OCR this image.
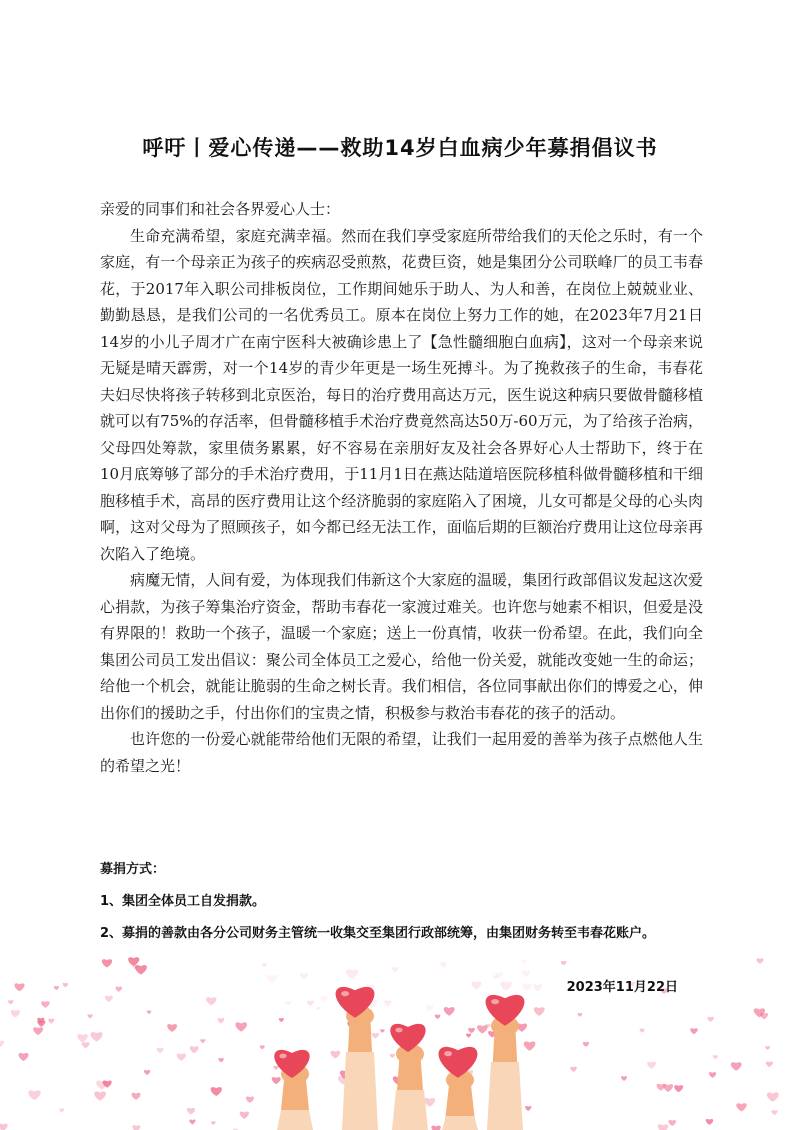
呼吁丨爱心传递——救助14岁白血病少年募捐倡议书

亲爱的同事们和社会各界爱心人士：

生命充满希望，家庭充满幸福。然而在我们享受家庭所带给我们的天伦之乐时，有一个家庭，有一个母亲正为孩子的疾病忍受煎熬，花费巨资，她是集团分公司联峰厂的员工韦春花，于2017年入职公司排板岗位，工作期间她乐于助人、为人和善，在岗位上兢兢业业、勤勤恳恳，是我们公司的一名优秀员工。原本在岗位上努力工作的她，在2023年7月21日14岁的小儿子周才广在南宁医科大被确诊患上了【急性髓细胞白血病】，这对一个母亲来说无疑是晴天霹雳，对一个14岁的青少年更是一场生死搏斗。为了挽救孩子的生命，韦春花夫妇尽快将孩子转移到北京医治，每日的治疗费用高达万元，医生说这种病只要做骨髓移植就可以有75%的存活率，但骨髓移植手术治疗费竟然高达50万-60万元，为了给孩子治病，父母四处筹款，家里债务累累，好不容易在亲朋好友及社会各界好心人士帮助下，终于在10月底筹够了部分的手术治疗费用，于11月1日在燕达陆道培医院移植科做骨髓移植和干细胞移植手术，高昂的医疗费用让这个经济脆弱的家庭陷入了困境，儿女可都是父母的心头肉啊，这对父母为了照顾孩子，如今都已经无法工作，面临后期的巨额治疗费用让这位母亲再次陷入了绝境。

病魔无情，人间有爱，为体现我们伟新这个大家庭的温暖，集团行政部倡议发起这次爱心捐款，为孩子筹集治疗资金，帮助韦春花一家渡过难关。也许您与她素不相识，但爱是没有界限的！救助一个孩子，温暖一个家庭；送上一份真情，收获一份希望。在此，我们向全集团公司员工发出倡议：聚公司全体员工之爱心，给他一份关爱，就能改变她一生的命运；给他一个机会，就能让脆弱的生命之树长青。我们相信，各位同事献出你们的博爱之心，伸出你们的援助之手，付出你们的宝贵之情，积极参与救治韦春花的孩子的活动。

也许您的一份爱心就能带给他们无限的希望，让我们一起用爱的善举为孩子点燃他人生的希望之光！

募捐方式：
1、集团全体员工自发捐款。
2、募捐的善款由各分公司财务主管统一收集交至集团行政部统筹，由集团财务转至韦春花账户。
2023年11月22日
